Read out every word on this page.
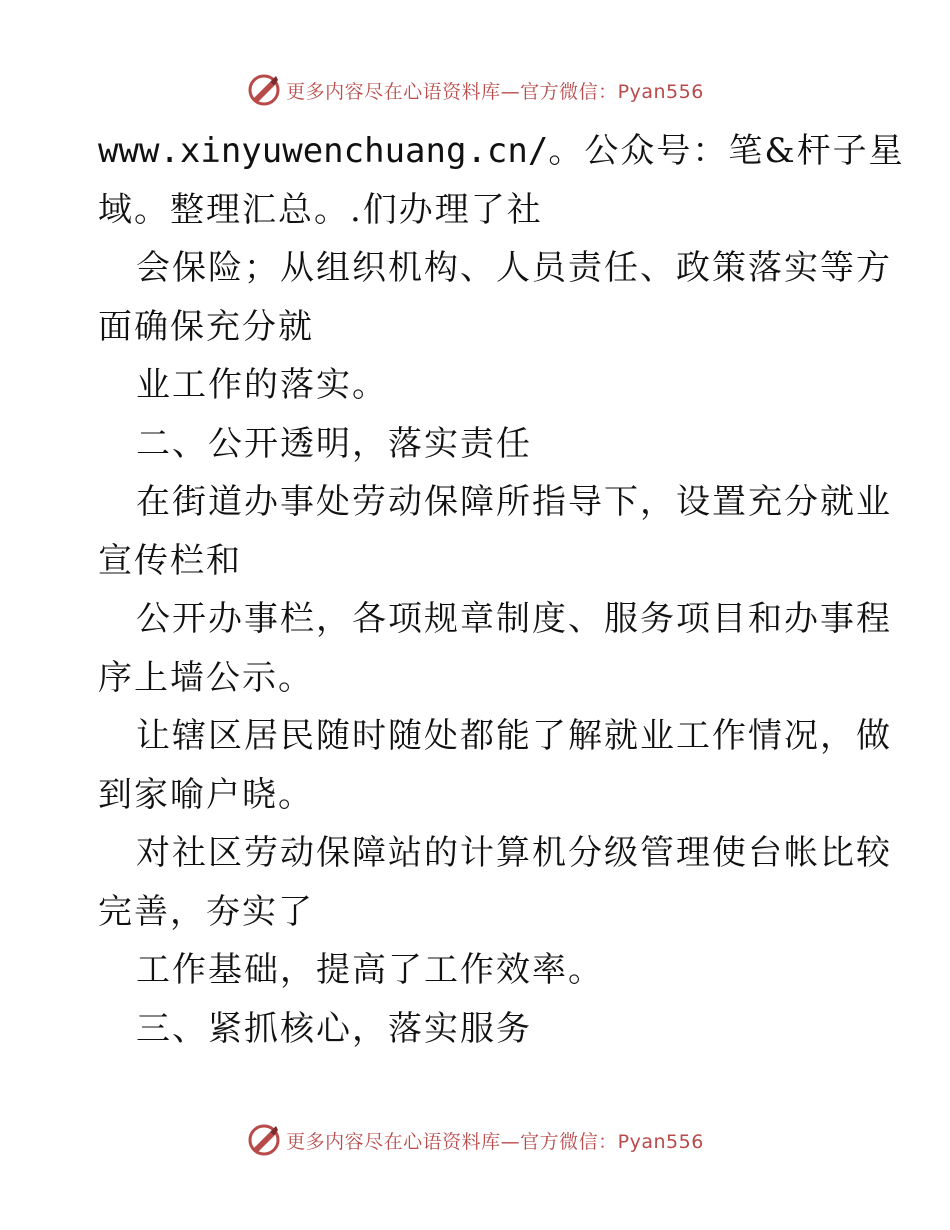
更多内容尽在心语资料库—官方微信：Pyan556
www.xinyuwenchuang.cn/。公众号：笔&杆子星
域。整理汇总。.们办理了社
会保险；从组织机构、人员责任、政策落实等方
面确保充分就
业工作的落实。
二、公开透明，落实责任
在街道办事处劳动保障所指导下，设置充分就业
宣传栏和
公开办事栏，各项规章制度、服务项目和办事程
序上墙公示。
让辖区居民随时随处都能了解就业工作情况，做
到家喻户晓。
对社区劳动保障站的计算机分级管理使台帐比较
完善，夯实了
工作基础，提高了工作效率。
三、紧抓核心，落实服务
更多内容尽在心语资料库—官方微信：Pyan556
